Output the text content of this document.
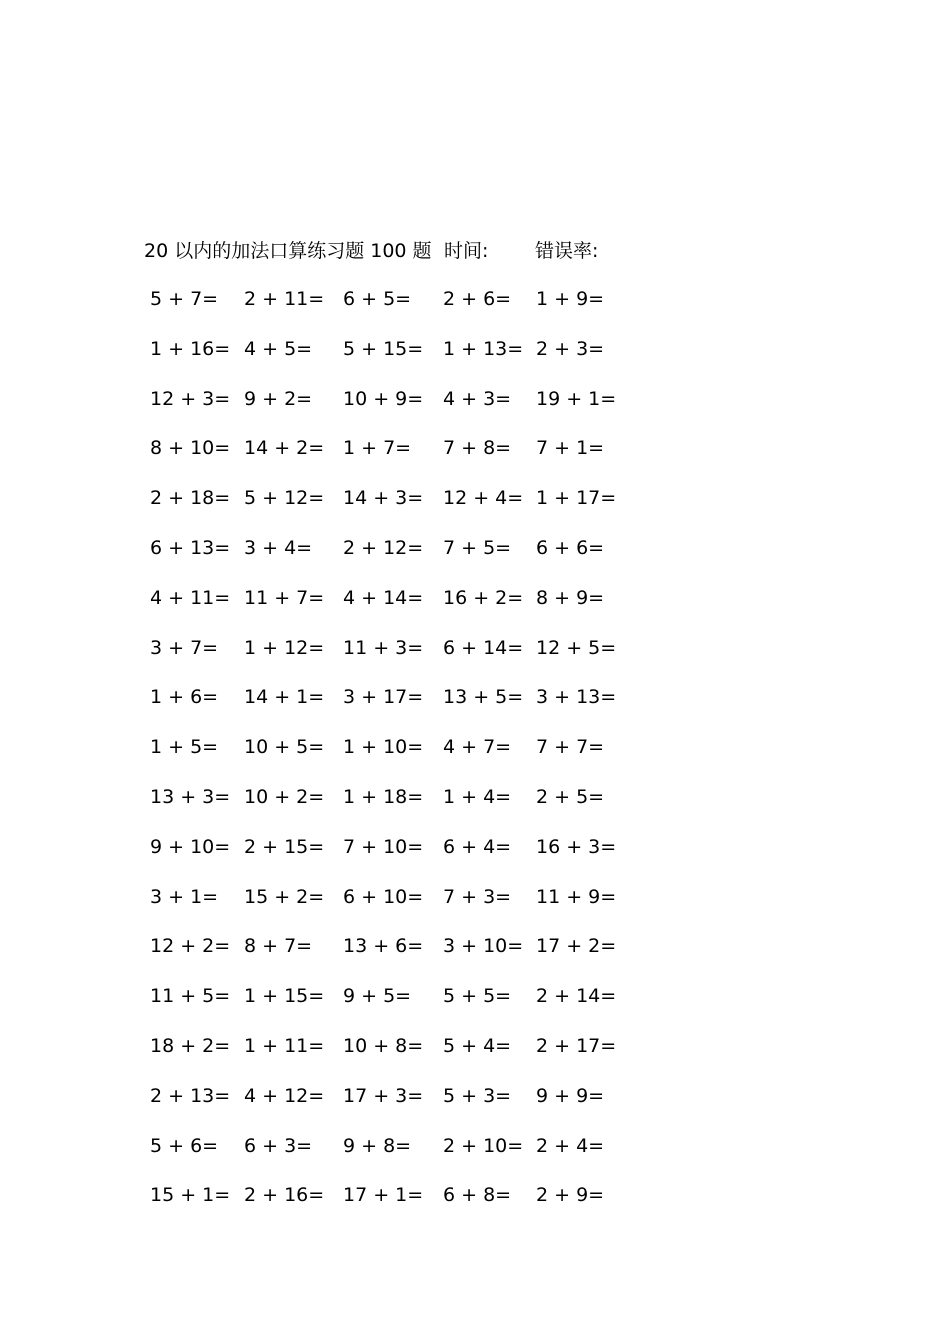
20 以内的加法口算练习题 100 题 时间: 错误率:
5 + 7=	2 + 11= 6 + 5=	2 + 6=	1 + 9=
1 + 16= 4 + 5=	5 + 15=	1 + 13= 2 + 3=
12 + 3= 9 + 2=	10 + 9=	4 + 3=	19 + 1=
8 + 10= 14 + 2= 1 + 7=	7 + 8=	7 + 1=
2 + 18= 5 + 12= 14 + 3=	12 + 4= 1 + 17=
6 + 13= 3 + 4=	2 + 12=	7 + 5=	6 + 6=
4 + 11= 11 + 7= 4 + 14=	16 + 2= 8 + 9=
3 + 7=	1 + 12= 11 + 3=	6 + 14= 12 + 5=
1 + 6=	14 + 1= 3 + 17=	13 + 5= 3 + 13=
1 + 5=	10 + 5= 1 + 10=	4 + 7=	7 + 7=
13 + 3= 10 + 2= 1 + 18=	1 + 4=	2 + 5=
9 + 10= 2 + 15= 7 + 10=	6 + 4=	16 + 3=
3 + 1=	15 + 2= 6 + 10=	7 + 3=	11 + 9=
12 + 2= 8 + 7=	13 + 6=	3 + 10= 17 + 2=
11 + 5= 1 + 15= 9 + 5=	5 + 5=	2 + 14=
18 + 2= 1 + 11= 10 + 8=	5 + 4=	2 + 17=
2 + 13= 4 + 12= 17 + 3=	5 + 3=	9 + 9=
5 + 6=	6 + 3=	9 + 8=	2 + 10= 2 + 4=
15 + 1= 2 + 16= 17 + 1=	6 + 8=	2 + 9=
